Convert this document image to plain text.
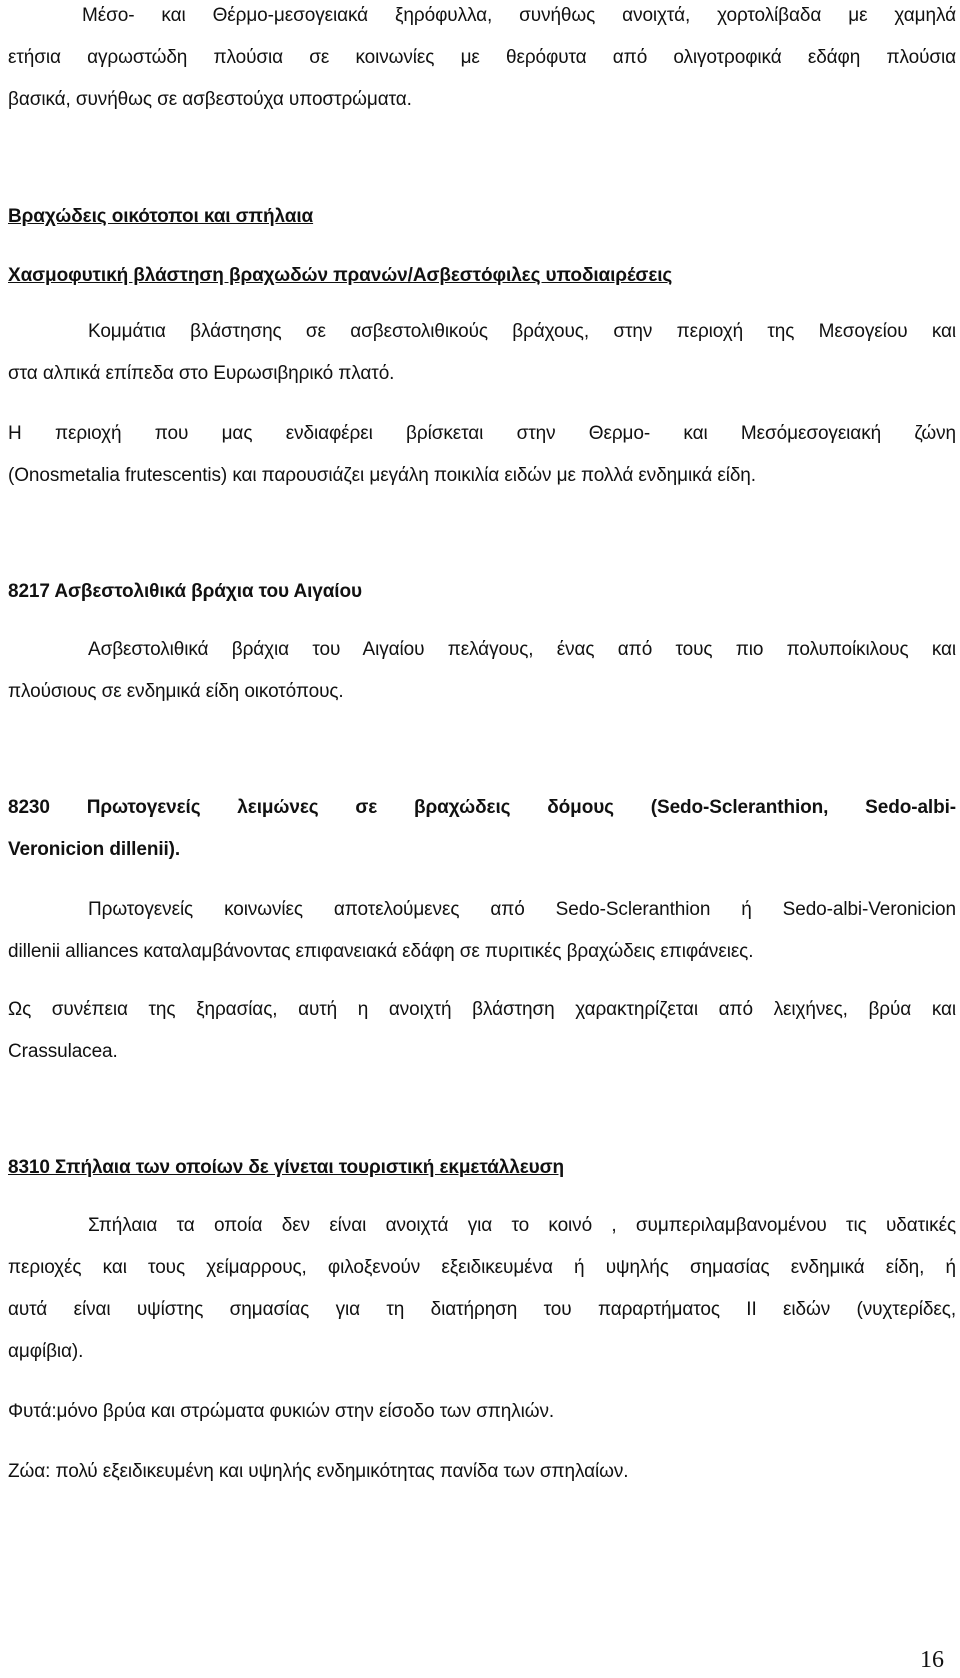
Μέσο- και Θέρμο-μεσογειακά ξηρόφυλλα, συνήθως ανοιχτά, χορτολίβαδα με χαμηλά
ετήσια αγρωστώδη πλούσια σε κοινωνίες με θερόφυτα από ολιγοτροφικά εδάφη πλούσια
βασικά, συνήθως σε ασβεστούχα υποστρώματα.
Βραχώδεις οικότοποι και σπήλαια
Χασμοφυτική βλάστηση βραχωδών πρανών/Ασβεστόφιλες υποδιαιρέσεις
Κομμάτια βλάστησης σε ασβεστολιθικούς βράχους, στην περιοχή της Μεσογείου και
στα αλπικά επίπεδα στο Ευρωσιβηρικό πλατό.
Η περιοχή που μας ενδιαφέρει βρίσκεται στην Θερμο- και Μεσόμεσογειακή ζώνη
(Onosmetalia frutescentis) και παρουσιάζει μεγάλη ποικιλία ειδών με πολλά ενδημικά είδη.
8217 Ασβεστολιθικά βράχια του Αιγαίου
Ασβεστολιθικά βράχια του Αιγαίου πελάγους, ένας από τους πιο πολυποίκιλους και
πλούσιους σε ενδημικά είδη οικοτόπους.
8230 Πρωτογενείς λειμώνες σε βραχώδεις δόμους (Sedo-Scleranthion, Sedo-albi-
Veronicion dillenii).
Πρωτογενείς κοινωνίες αποτελούμενες από Sedo-Scleranthion ή Sedo-albi-Veronicion
dillenii alliances καταλαμβάνοντας επιφανειακά εδάφη σε πυριτικές βραχώδεις επιφάνειες.
Ως συνέπεια της ξηρασίας, αυτή η ανοιχτή βλάστηση χαρακτηρίζεται από λειχήνες, βρύα και
Crassulacea.
8310 Σπήλαια των οποίων δε γίνεται τουριστική εκμετάλλευση
Σπήλαια τα οποία δεν είναι ανοιχτά για το κοινό , συμπεριλαμβανομένου τις υδατικές
περιοχές και τους χείμαρρους, φιλοξενούν εξειδικευμένα ή υψηλής σημασίας ενδημικά είδη, ή
αυτά είναι υψίστης σημασίας για τη διατήρηση του παραρτήματος ΙΙ ειδών (νυχτερίδες,
αμφίβια).
Φυτά:μόνο βρύα και στρώματα φυκιών στην είσοδο των σπηλιών.
Ζώα: πολύ εξειδικευμένη και υψηλής ενδημικότητας πανίδα των σπηλαίων.
16
